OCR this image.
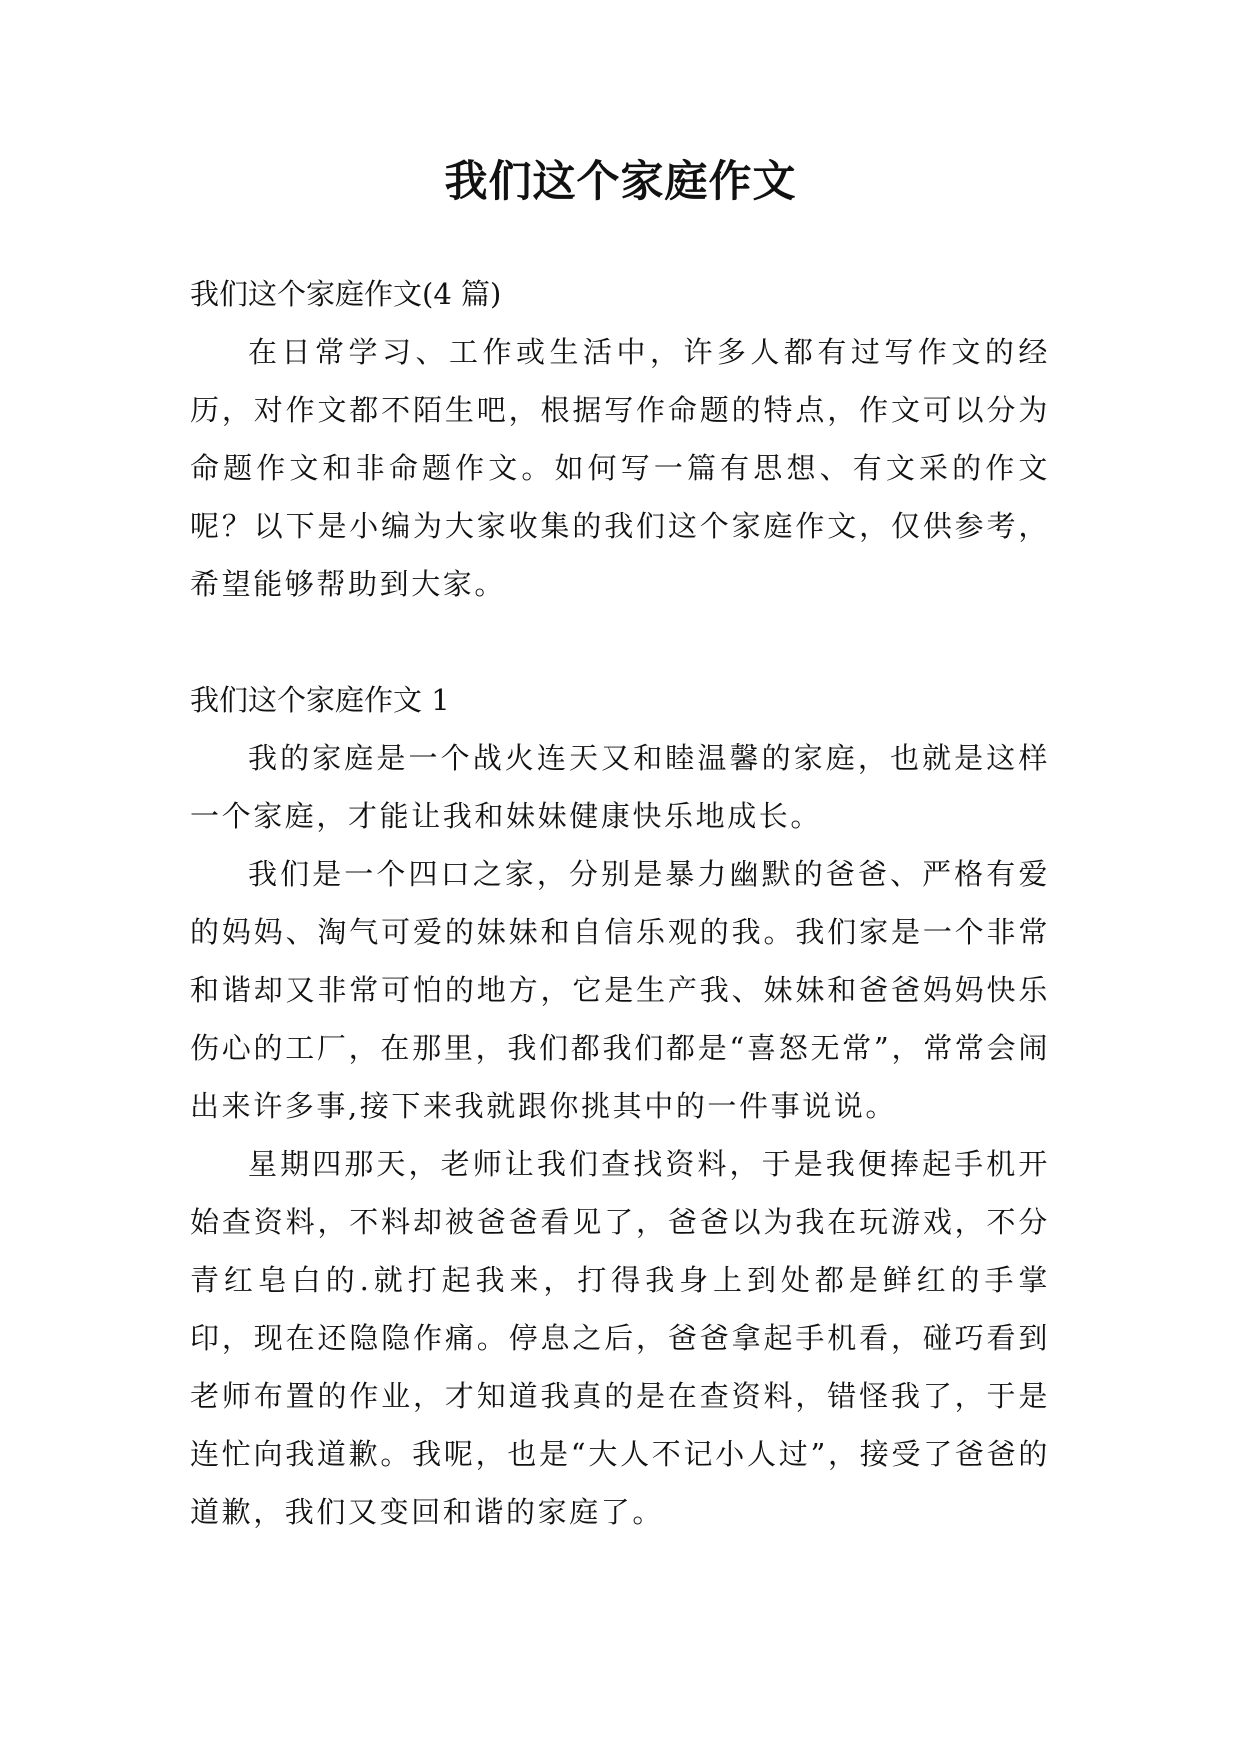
我们这个家庭作文

我们这个家庭作文(4 篇)

在日常学习、工作或生活中，许多人都有过写作文的经历，对作文都不陌生吧，根据写作命题的特点，作文可以分为命题作文和非命题作文。如何写一篇有思想、有文采的作文呢？以下是小编为大家收集的我们这个家庭作文，仅供参考，希望能够帮助到大家。

我们这个家庭作文 1

我的家庭是一个战火连天又和睦温馨的家庭，也就是这样一个家庭，才能让我和妹妹健康快乐地成长。

我们是一个四口之家，分别是暴力幽默的爸爸、严格有爱的妈妈、淘气可爱的妹妹和自信乐观的我。我们家是一个非常和谐却又非常可怕的地方，它是生产我、妹妹和爸爸妈妈快乐伤心的工厂，在那里，我们都我们都是“喜怒无常”，常常会闹出来许多事,接下来我就跟你挑其中的一件事说说。

星期四那天，老师让我们查找资料，于是我便捧起手机开始查资料，不料却被爸爸看见了，爸爸以为我在玩游戏，不分青红皂白的.就打起我来，打得我身上到处都是鲜红的手掌印，现在还隐隐作痛。停息之后，爸爸拿起手机看，碰巧看到老师布置的作业，才知道我真的是在查资料，错怪我了，于是连忙向我道歉。我呢，也是“大人不记小人过”，接受了爸爸的道歉，我们又变回和谐的家庭了。
